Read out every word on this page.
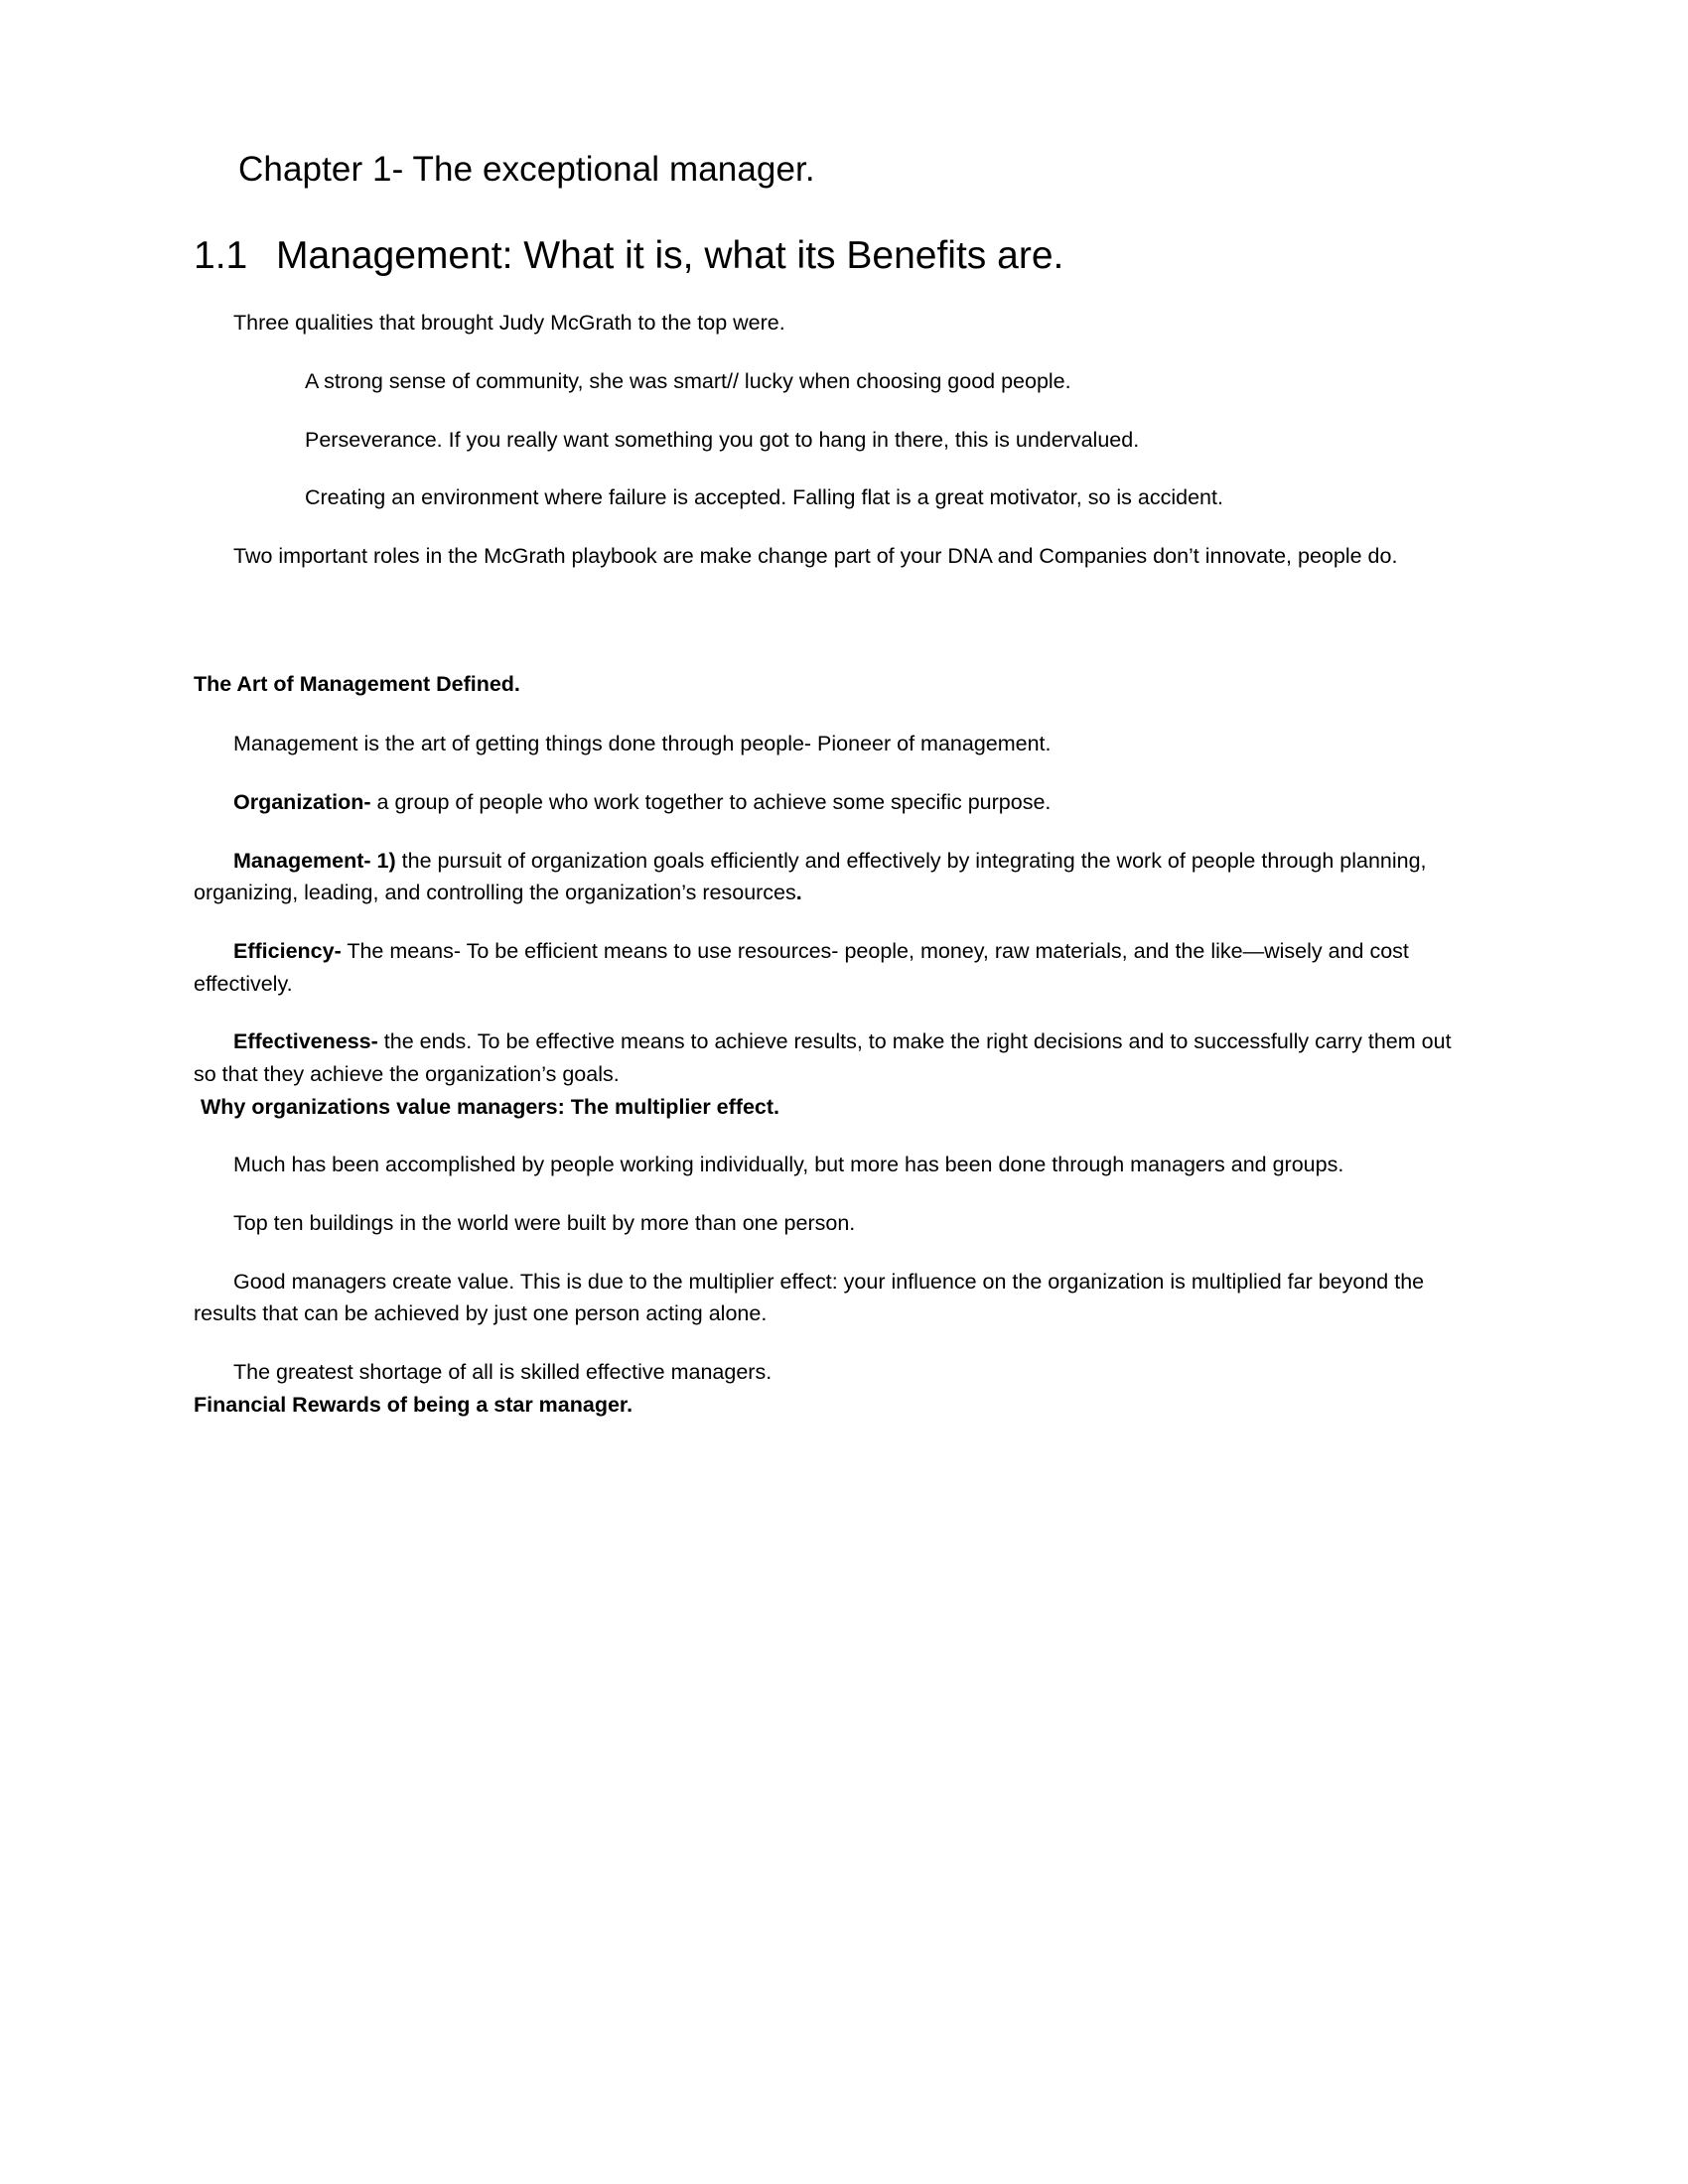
Chapter 1- The exceptional manager.
1.1 Management: What it is, what its Benefits are.

Three qualities that brought Judy McGrath to the top were.

A strong sense of community, she was smart// lucky when choosing good people.

Perseverance. If you really want something you got to hang in there, this is undervalued.

Creating an environment where failure is accepted. Falling flat is a great motivator, so is accident.

Two important roles in the McGrath playbook are make change part of your DNA and Companies don’t innovate, people do.

The Art of Management Defined.

Management is the art of getting things done through people- Pioneer of management.

Organization- a group of people who work together to achieve some specific purpose.

Management- 1) the pursuit of organization goals efficiently and effectively by integrating the work of people through planning, organizing, leading, and controlling the organization’s resources.

Efficiency- The means- To be efficient means to use resources- people, money, raw materials, and the like—wisely and cost effectively.

Effectiveness- the ends. To be effective means to achieve results, to make the right decisions and to successfully carry them out so that they achieve the organization’s goals.

Why organizations value managers: The multiplier effect.

Much has been accomplished by people working individually, but more has been done through managers and groups.

Top ten buildings in the world were built by more than one person.

Good managers create value. This is due to the multiplier effect: your influence on the organization is multiplied far beyond the results that can be achieved by just one person acting alone.

The greatest shortage of all is skilled effective managers.

Financial Rewards of being a star manager.
